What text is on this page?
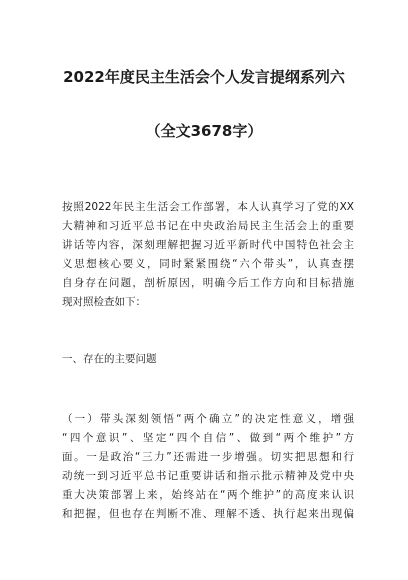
2022年度民主生活会个人发言提纲系列六
（全文3678字）
按照2022年民主生活会工作部署，本人认真学习了党的XX
大精神和习近平总书记在中央政治局民主生活会上的重要
讲话等内容，深刻理解把握习近平新时代中国特色社会主
义思想核心要义，同时紧紧围绕“六个带头”，认真查摆
自身存在问题，剖析原因，明确今后工作方向和目标措施
现对照检查如下：
一、存在的主要问题
（一）带头深刻领悟“两个确立”的决定性意义，增强
“四个意识”、坚定“四个自信”、做到“两个维护”方
面。一是政治“三力”还需进一步增强。切实把思想和行
动统一到习近平总书记重要讲话和指示批示精神及党中央
重大决策部署上来，始终站在“两个维护”的高度来认识
和把握，但也存在判断不准、理解不透、执行起来出现偏
